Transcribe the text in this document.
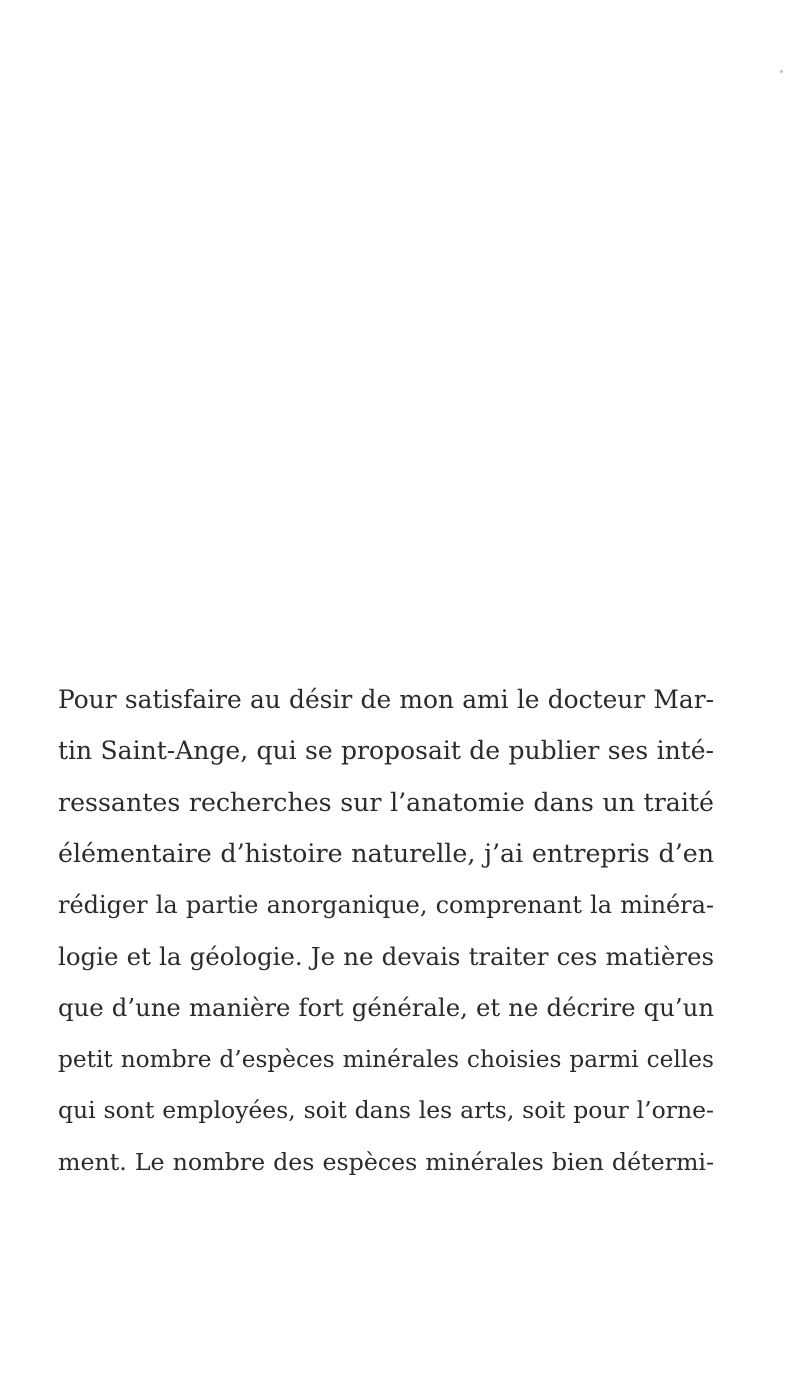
Pour satisfaire au désir de mon ami le docteur Mar-
tin Saint-Ange, qui se proposait de publier ses inté-
ressantes recherches sur l’anatomie dans un traité
élémentaire d’histoire naturelle, j’ai entrepris d’en
rédiger la partie anorganique, comprenant la minéra-
logie et la géologie. Je ne devais traiter ces matières
que d’une manière fort générale, et ne décrire qu’un
petit nombre d’espèces minérales choisies parmi celles
qui sont employées, soit dans les arts, soit pour l’orne-
ment. Le nombre des espèces minérales bien détermi-
